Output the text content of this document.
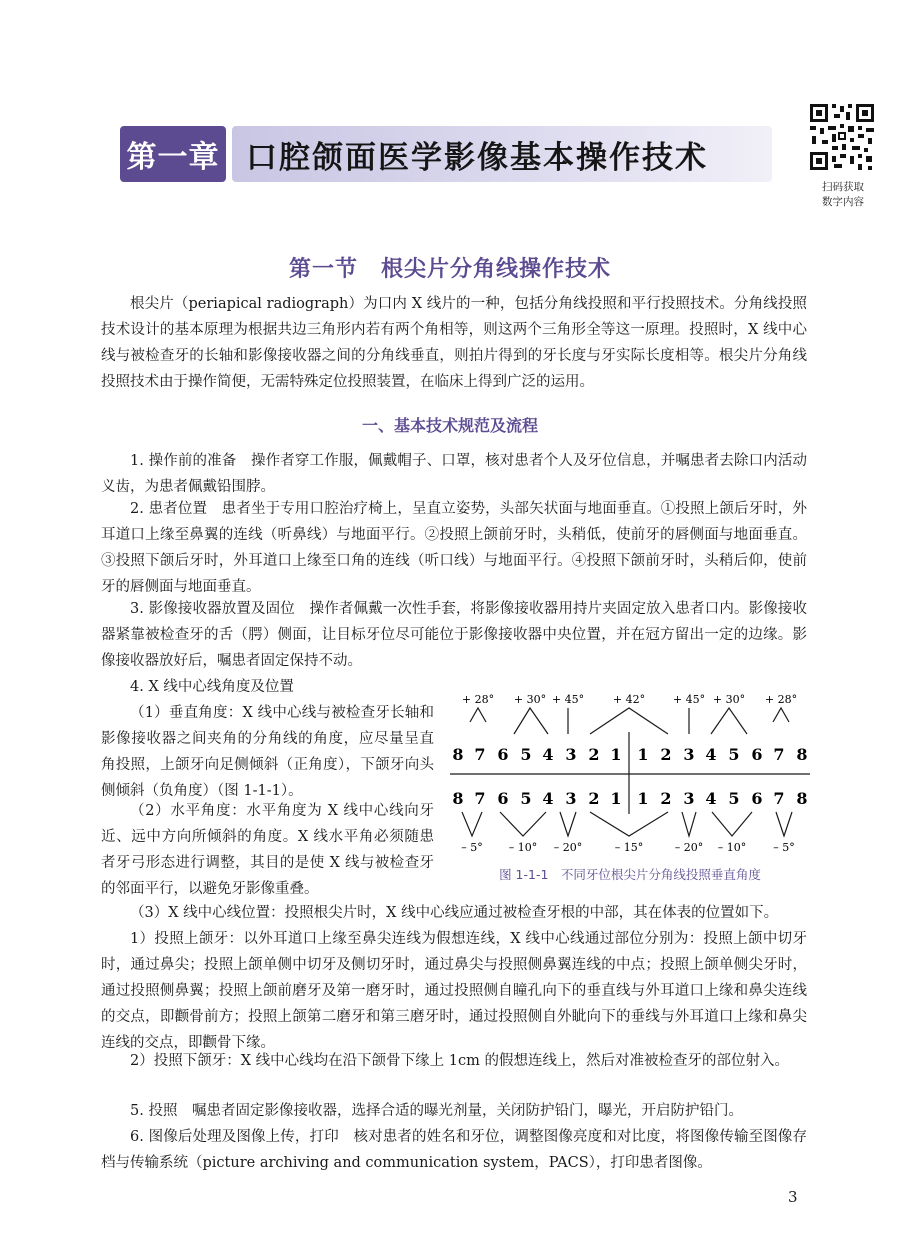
第一章 口腔颌面医学影像基本操作技术
扫码获取
数字内容
第一节　根尖片分角线操作技术

根尖片（periapical radiograph）为口内 X 线片的一种，包括分角线投照和平行投照技术。分角线投照技术设计的基本原理为根据共边三角形内若有两个角相等，则这两个三角形全等这一原理。投照时，X 线中心线与被检查牙的长轴和影像接收器之间的分角线垂直，则拍片得到的牙长度与牙实际长度相等。根尖片分角线投照技术由于操作简便，无需特殊定位投照装置，在临床上得到广泛的运用。

一、基本技术规范及流程

1. 操作前的准备　操作者穿工作服，佩戴帽子、口罩，核对患者个人及牙位信息，并嘱患者去除口内活动义齿，为患者佩戴铅围脖。

2. 患者位置　患者坐于专用口腔治疗椅上，呈直立姿势，头部矢状面与地面垂直。①投照上颌后牙时，外耳道口上缘至鼻翼的连线（听鼻线）与地面平行。②投照上颌前牙时，头稍低，使前牙的唇侧面与地面垂直。③投照下颌后牙时，外耳道口上缘至口角的连线（听口线）与地面平行。④投照下颌前牙时，头稍后仰，使前牙的唇侧面与地面垂直。

3. 影像接收器放置及固位　操作者佩戴一次性手套，将影像接收器用持片夹固定放入患者口内。影像接收器紧靠被检查牙的舌（腭）侧面，让目标牙位尽可能位于影像接收器中央位置，并在冠方留出一定的边缘。影像接收器放好后，嘱患者固定保持不动。

4. X 线中心线角度及位置

（1）垂直角度：X 线中心线与被检查牙长轴和影像接收器之间夹角的分角线的角度，应尽量呈直角投照，上颌牙向足侧倾斜（正角度），下颌牙向头侧倾斜（负角度）（图 1-1-1）。

（2）水平角度：水平角度为 X 线中心线向牙近、远中方向所倾斜的角度。X 线水平角必须随患者牙弓形态进行调整，其目的是使 X 线与被检查牙的邻面平行，以避免牙影像重叠。

+ 28° + 30° + 45°	+ 42°	+ 45° + 30° + 28°
– 5° – 10° – 20°	– 15°	– 20° – 10° – 5°
8 7 6 5 4 3 2 1 1 2 3 4 5 6 7 8
8 7 6 5 4 3 2 1 1 2 3 4 5 6 7 8
图 1-1-1　不同牙位根尖片分角线投照垂直角度

（3）X 线中心线位置：投照根尖片时，X 线中心线应通过被检查牙根的中部，其在体表的位置如下。

1）投照上颌牙：以外耳道口上缘至鼻尖连线为假想连线，X 线中心线通过部位分别为：投照上颌中切牙时，通过鼻尖；投照上颌单侧中切牙及侧切牙时，通过鼻尖与投照侧鼻翼连线的中点；投照上颌单侧尖牙时，通过投照侧鼻翼；投照上颌前磨牙及第一磨牙时，通过投照侧自瞳孔向下的垂直线与外耳道口上缘和鼻尖连线的交点，即颧骨前方；投照上颌第二磨牙和第三磨牙时，通过投照侧自外眦向下的垂线与外耳道口上缘和鼻尖连线的交点，即颧骨下缘。

2）投照下颌牙：X 线中心线均在沿下颌骨下缘上 1cm 的假想连线上，然后对准被检查牙的部位射入。

5. 投照　嘱患者固定影像接收器，选择合适的曝光剂量，关闭防护铅门，曝光，开启防护铅门。

6. 图像后处理及图像上传，打印　核对患者的姓名和牙位，调整图像亮度和对比度，将图像传输至图像存档与传输系统（picture archiving and communication system，PACS），打印患者图像。

3
